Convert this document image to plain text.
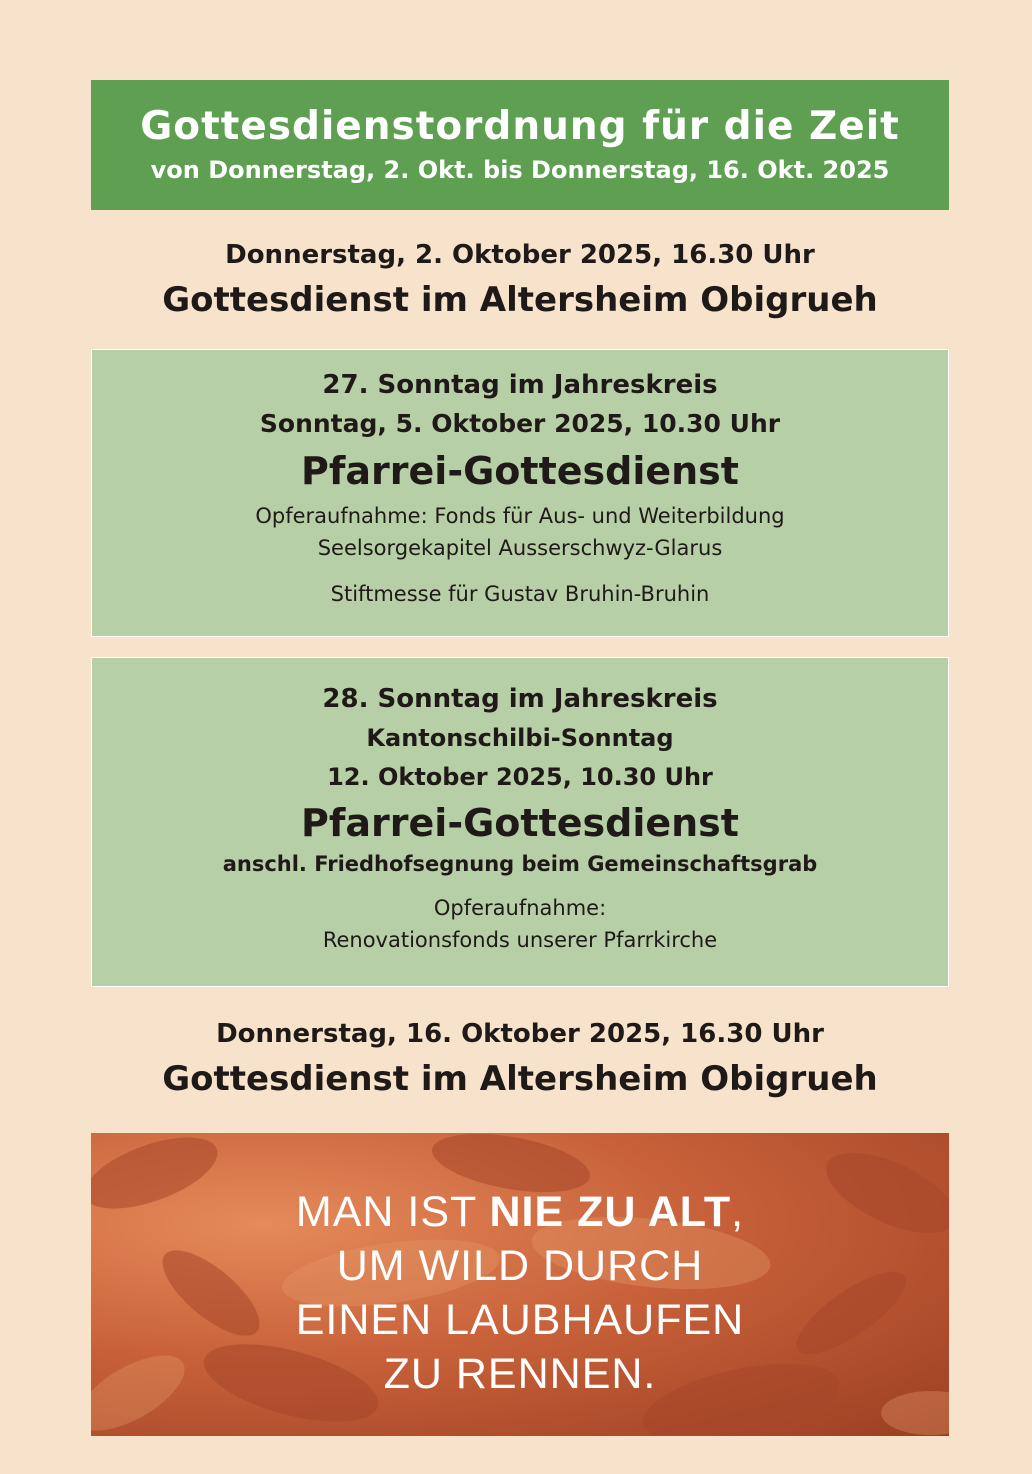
Gottesdienstordnung für die Zeit
von Donnerstag, 2. Okt. bis Donnerstag, 16. Okt. 2025
Donnerstag, 2. Oktober 2025, 16.30 Uhr
Gottesdienst im Altersheim Obigrueh
27. Sonntag im Jahreskreis
Sonntag, 5. Oktober 2025, 10.30 Uhr
Pfarrei-Gottesdienst
Opferaufnahme: Fonds für Aus- und Weiterbildung
Seelsorgekapitel Ausserschwyz-Glarus
Stiftmesse für Gustav Bruhin-Bruhin
28. Sonntag im Jahreskreis
Kantonschilbi-Sonntag
12. Oktober 2025, 10.30 Uhr
Pfarrei-Gottesdienst
anschl. Friedhofsegnung beim Gemeinschaftsgrab
Opferaufnahme:
Renovationsfonds unserer Pfarrkirche
Donnerstag, 16. Oktober 2025, 16.30 Uhr
Gottesdienst im Altersheim Obigrueh
MAN IST NIE ZU ALT,
UM WILD DURCH
EINEN LAUBHAUFEN
ZU RENNEN.
